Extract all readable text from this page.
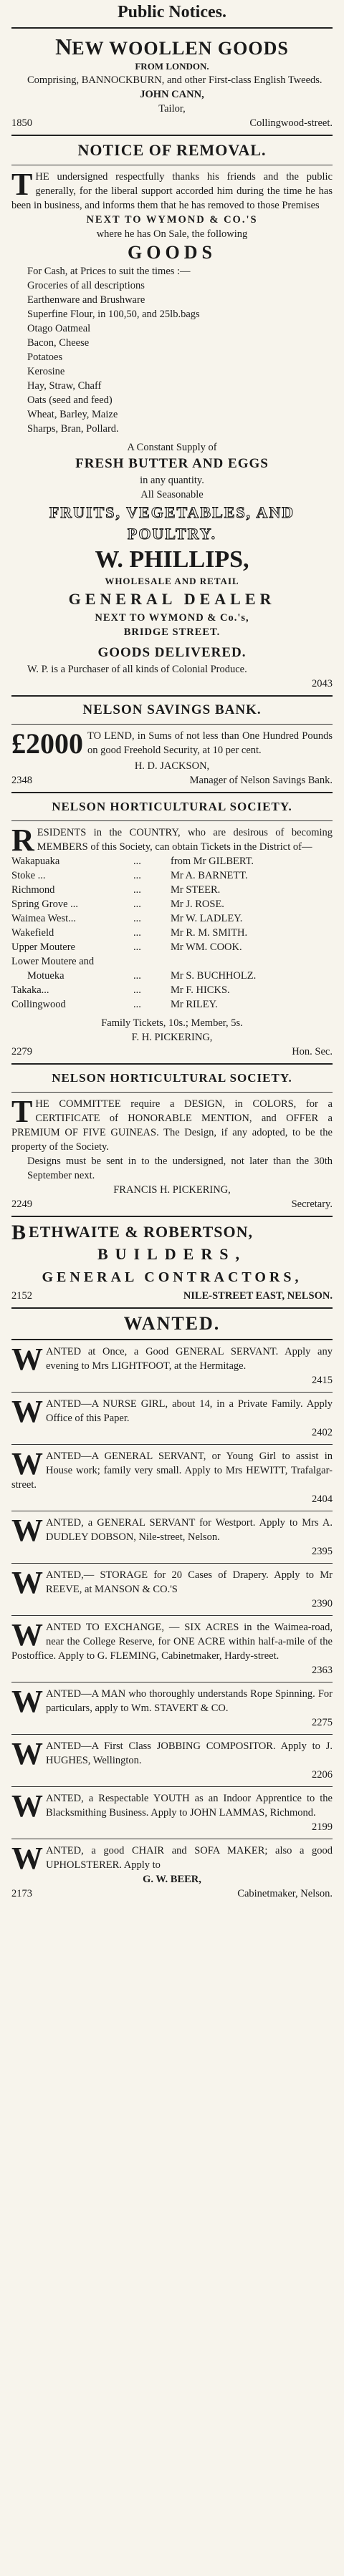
Public Notices.
NEW WOOLLEN GOODS
FROM LONDON.

Comprising, BANNOCKBURN, and other First-class English Tweeds.

JOHN CANN,
Tailor,
1850	Collingwood-street.
NOTICE OF REMOVAL.

THE undersigned respectfully thanks his friends and the public generally, for the liberal support accorded him during the time he has been in business, and informs them that he has removed to those Premises

NEXT TO WYMOND & CO.'S
where he has On Sale, the following
GOODS
For Cash, at Prices to suit the times :—
Groceries of all descriptions
Earthenware and Brushware
Superfine Flour, in 100,50, and 25lb.bags
Otago Oatmeal
Bacon, Cheese
Potatoes
Kerosine
Hay, Straw, Chaff
Oats (seed and feed)
Wheat, Barley, Maize
Sharps, Bran, Pollard.
A Constant Supply of
FRESH BUTTER AND EGGS
in any quantity.
All Seasonable
FRUITS, VEGETABLES, AND
POULTRY.
W. PHILLIPS,
WHOLESALE AND RETAIL
GENERAL DEALER
NEXT TO WYMOND & Co.'s,
BRIDGE STREET.
GOODS DELIVERED.

W. P. is a Purchaser of all kinds of Colonial Produce.

2043
NELSON SAVINGS BANK.
£2000 TO LEND, in Sums of not less than One Hundred Pounds on good Freehold Security, at 10 per cent.
H. D. JACKSON,
2348	Manager of Nelson Savings Bank.
NELSON HORTICULTURAL SOCIETY.

RESIDENTS in the COUNTRY, who are desirous of becoming MEMBERS of this Society, can obtain Tickets in the District of—

Wakapuaka	...	from Mr GILBERT.
Stoke ...	...	Mr A. BARNETT.
Richmond	...	Mr STEER.
Spring Grove ...	...	Mr J. ROSE.
Waimea West...	...	Mr W. LADLEY.
Wakefield	...	Mr R. M. SMITH.
Upper Moutere	...	Mr WM. COOK.
Lower Moutere and
Motueka	...	Mr S. BUCHHOLZ.
Takaka...	...	Mr F. HICKS.
Collingwood	...	Mr RILEY.
Family Tickets, 10s.; Member, 5s.
F. H. PICKERING,
2279	Hon. Sec.
NELSON HORTICULTURAL SOCIETY.

THE COMMITTEE require a DESIGN, in COLORS, for a CERTIFICATE of HONORABLE MENTION, and OFFER a PREMIUM OF FIVE GUINEAS. The Design, if any adopted, to be the property of the Society.

Designs must be sent in to the undersigned, not later than the 30th September next.

FRANCIS H. PICKERING,
2249	Secretary.
B ETHWAITE & ROBERTSON,
BUILDERS,
GENERAL CONTRACTORS,
2152	NILE-STREET EAST, NELSON.
WANTED.

WANTED at Once, a Good GENERAL SERVANT. Apply any evening to Mrs LIGHTFOOT, at the Hermitage.

2415

WANTED—A NURSE GIRL, about 14, in a Private Family. Apply Office of this Paper.

2402

WANTED—A GENERAL SERVANT, or Young Girl to assist in House work; family very small. Apply to Mrs HEWITT, Trafalgar-street.

2404

WANTED, a GENERAL SERVANT for Westport. Apply to Mrs A. DUDLEY DOBSON, Nile-street, Nelson.

2395

WANTED,— STORAGE for 20 Cases of Drapery. Apply to Mr REEVE, at MANSON & CO.'S

2390

WANTED TO EXCHANGE, — SIX ACRES in the Waimea-road, near the College Reserve, for ONE ACRE within half-a-mile of the Postoffice. Apply to G. FLEMING, Cabinetmaker, Hardy-street.

2363

WANTED—A MAN who thoroughly understands Rope Spinning. For particulars, apply to Wm. STAVERT & CO.

2275

WANTED—A First Class JOBBING COMPOSITOR. Apply to J. HUGHES, Wellington.

2206

WANTED, a Respectable YOUTH as an Indoor Apprentice to the Blacksmithing Business. Apply to JOHN LAMMAS, Richmond.

2199

WANTED, a good CHAIR and SOFA MAKER; also a good UPHOLSTERER. Apply to

G. W. BEER,
2173	Cabinetmaker, Nelson.
